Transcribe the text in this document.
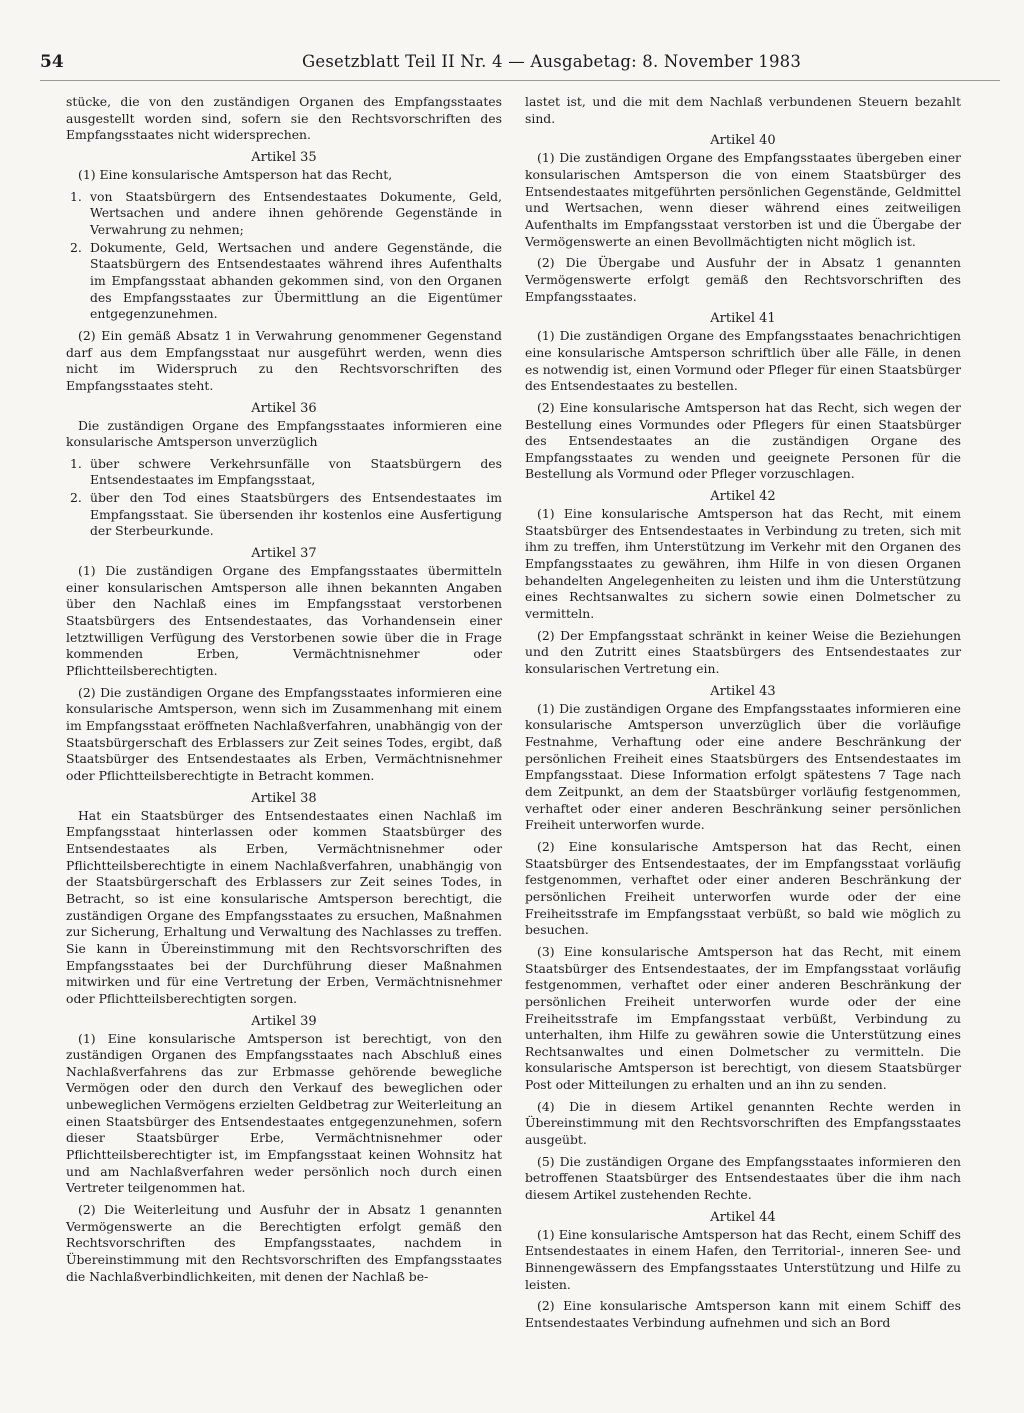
54	Gesetzblatt Teil II Nr. 4 — Ausgabetag: 8. November 1983

stücke, die von den zuständigen Organen des Empfangsstaates ausgestellt worden sind, sofern sie den Rechtsvorschriften des Empfangsstaates nicht widersprechen.

Artikel 35

(1) Eine konsularische Amtsperson hat das Recht,

1. von Staatsbürgern des Entsendestaates Dokumente, Geld, Wertsachen und andere ihnen gehörende Gegenstände in Verwahrung zu nehmen;
2. Dokumente, Geld, Wertsachen und andere Gegenstände, die Staatsbürgern des Entsendestaates während ihres Aufenthalts im Empfangsstaat abhanden gekommen sind, von den Organen des Empfangsstaates zur Übermittlung an die Eigentümer entgegenzunehmen.

(2) Ein gemäß Absatz 1 in Verwahrung genommener Gegenstand darf aus dem Empfangsstaat nur ausgeführt werden, wenn dies nicht im Widerspruch zu den Rechtsvorschriften des Empfangsstaates steht.

Artikel 36

Die zuständigen Organe des Empfangsstaates informieren eine konsularische Amtsperson unverzüglich

1. über schwere Verkehrsunfälle von Staatsbürgern des Entsendestaates im Empfangsstaat,
2. über den Tod eines Staatsbürgers des Entsendestaates im Empfangsstaat. Sie übersenden ihr kostenlos eine Ausfertigung der Sterbeurkunde.
Artikel 37

(1) Die zuständigen Organe des Empfangsstaates übermitteln einer konsularischen Amtsperson alle ihnen bekannten Angaben über den Nachlaß eines im Empfangsstaat verstorbenen Staatsbürgers des Entsendestaates, das Vorhandensein einer letztwilligen Verfügung des Verstorbenen sowie über die in Frage kommenden Erben, Vermächtnisnehmer oder Pflichtteilsberechtigten.

(2) Die zuständigen Organe des Empfangsstaates informieren eine konsularische Amtsperson, wenn sich im Zusammenhang mit einem im Empfangsstaat eröffneten Nachlaßverfahren, unabhängig von der Staatsbürgerschaft des Erblassers zur Zeit seines Todes, ergibt, daß Staatsbürger des Entsendestaates als Erben, Vermächtnisnehmer oder Pflichtteilsberechtigte in Betracht kommen.

Artikel 38

Hat ein Staatsbürger des Entsendestaates einen Nachlaß im Empfangsstaat hinterlassen oder kommen Staatsbürger des Entsendestaates als Erben, Vermächtnisnehmer oder Pflichtteilsberechtigte in einem Nachlaßverfahren, unabhängig von der Staatsbürgerschaft des Erblassers zur Zeit seines Todes, in Betracht, so ist eine konsularische Amtsperson berechtigt, die zuständigen Organe des Empfangsstaates zu ersuchen, Maßnahmen zur Sicherung, Erhaltung und Verwaltung des Nachlasses zu treffen. Sie kann in Übereinstimmung mit den Rechtsvorschriften des Empfangsstaates bei der Durchführung dieser Maßnahmen mitwirken und für eine Vertretung der Erben, Vermächtnisnehmer oder Pflichtteilsberechtigten sorgen.

Artikel 39

(1) Eine konsularische Amtsperson ist berechtigt, von den zuständigen Organen des Empfangsstaates nach Abschluß eines Nachlaßverfahrens das zur Erbmasse gehörende bewegliche Vermögen oder den durch den Verkauf des beweglichen oder unbeweglichen Vermögens erzielten Geldbetrag zur Weiterleitung an einen Staatsbürger des Entsendestaates entgegenzunehmen, sofern dieser Staatsbürger Erbe, Vermächtnisnehmer oder Pflichtteilsberechtigter ist, im Empfangsstaat keinen Wohnsitz hat und am Nachlaßverfahren weder persönlich noch durch einen Vertreter teilgenommen hat.

(2) Die Weiterleitung und Ausfuhr der in Absatz 1 genannten Vermögenswerte an die Berechtigten erfolgt gemäß den Rechtsvorschriften des Empfangsstaates, nachdem in Übereinstimmung mit den Rechtsvorschriften des Empfangsstaates die Nachlaßverbindlichkeiten, mit denen der Nachlaß be-

lastet ist, und die mit dem Nachlaß verbundenen Steuern bezahlt sind.

Artikel 40

(1) Die zuständigen Organe des Empfangsstaates übergeben einer konsularischen Amtsperson die von einem Staatsbürger des Entsendestaates mitgeführten persönlichen Gegenstände, Geldmittel und Wertsachen, wenn dieser während eines zeitweiligen Aufenthalts im Empfangsstaat verstorben ist und die Übergabe der Vermögenswerte an einen Bevollmächtigten nicht möglich ist.

(2) Die Übergabe und Ausfuhr der in Absatz 1 genannten Vermögenswerte erfolgt gemäß den Rechtsvorschriften des Empfangsstaates.

Artikel 41

(1) Die zuständigen Organe des Empfangsstaates benachrichtigen eine konsularische Amtsperson schriftlich über alle Fälle, in denen es notwendig ist, einen Vormund oder Pfleger für einen Staatsbürger des Entsendestaates zu bestellen.

(2) Eine konsularische Amtsperson hat das Recht, sich wegen der Bestellung eines Vormundes oder Pflegers für einen Staatsbürger des Entsendestaates an die zuständigen Organe des Empfangsstaates zu wenden und geeignete Personen für die Bestellung als Vormund oder Pfleger vorzuschlagen.

Artikel 42

(1) Eine konsularische Amtsperson hat das Recht, mit einem Staatsbürger des Entsendestaates in Verbindung zu treten, sich mit ihm zu treffen, ihm Unterstützung im Verkehr mit den Organen des Empfangsstaates zu gewähren, ihm Hilfe in von diesen Organen behandelten Angelegenheiten zu leisten und ihm die Unterstützung eines Rechtsanwaltes zu sichern sowie einen Dolmetscher zu vermitteln.

(2) Der Empfangsstaat schränkt in keiner Weise die Beziehungen und den Zutritt eines Staatsbürgers des Entsendestaates zur konsularischen Vertretung ein.

Artikel 43

(1) Die zuständigen Organe des Empfangsstaates informieren eine konsularische Amtsperson unverzüglich über die vorläufige Festnahme, Verhaftung oder eine andere Beschränkung der persönlichen Freiheit eines Staatsbürgers des Entsendestaates im Empfangsstaat. Diese Information erfolgt spätestens 7 Tage nach dem Zeitpunkt, an dem der Staatsbürger vorläufig festgenommen, verhaftet oder einer anderen Beschränkung seiner persönlichen Freiheit unterworfen wurde.

(2) Eine konsularische Amtsperson hat das Recht, einen Staatsbürger des Entsendestaates, der im Empfangsstaat vorläufig festgenommen, verhaftet oder einer anderen Beschränkung der persönlichen Freiheit unterworfen wurde oder der eine Freiheitsstrafe im Empfangsstaat verbüßt, so bald wie möglich zu besuchen.

(3) Eine konsularische Amtsperson hat das Recht, mit einem Staatsbürger des Entsendestaates, der im Empfangsstaat vorläufig festgenommen, verhaftet oder einer anderen Beschränkung der persönlichen Freiheit unterworfen wurde oder der eine Freiheitsstrafe im Empfangsstaat verbüßt, Verbindung zu unterhalten, ihm Hilfe zu gewähren sowie die Unterstützung eines Rechtsanwaltes und einen Dolmetscher zu vermitteln. Die konsularische Amtsperson ist berechtigt, von diesem Staatsbürger Post oder Mitteilungen zu erhalten und an ihn zu senden.

(4) Die in diesem Artikel genannten Rechte werden in Übereinstimmung mit den Rechtsvorschriften des Empfangsstaates ausgeübt.

(5) Die zuständigen Organe des Empfangsstaates informieren den betroffenen Staatsbürger des Entsendestaates über die ihm nach diesem Artikel zustehenden Rechte.

Artikel 44

(1) Eine konsularische Amtsperson hat das Recht, einem Schiff des Entsendestaates in einem Hafen, den Territorial-, inneren See- und Binnengewässern des Empfangsstaates Unterstützung und Hilfe zu leisten.

(2) Eine konsularische Amtsperson kann mit einem Schiff des Entsendestaates Verbindung aufnehmen und sich an Bord
